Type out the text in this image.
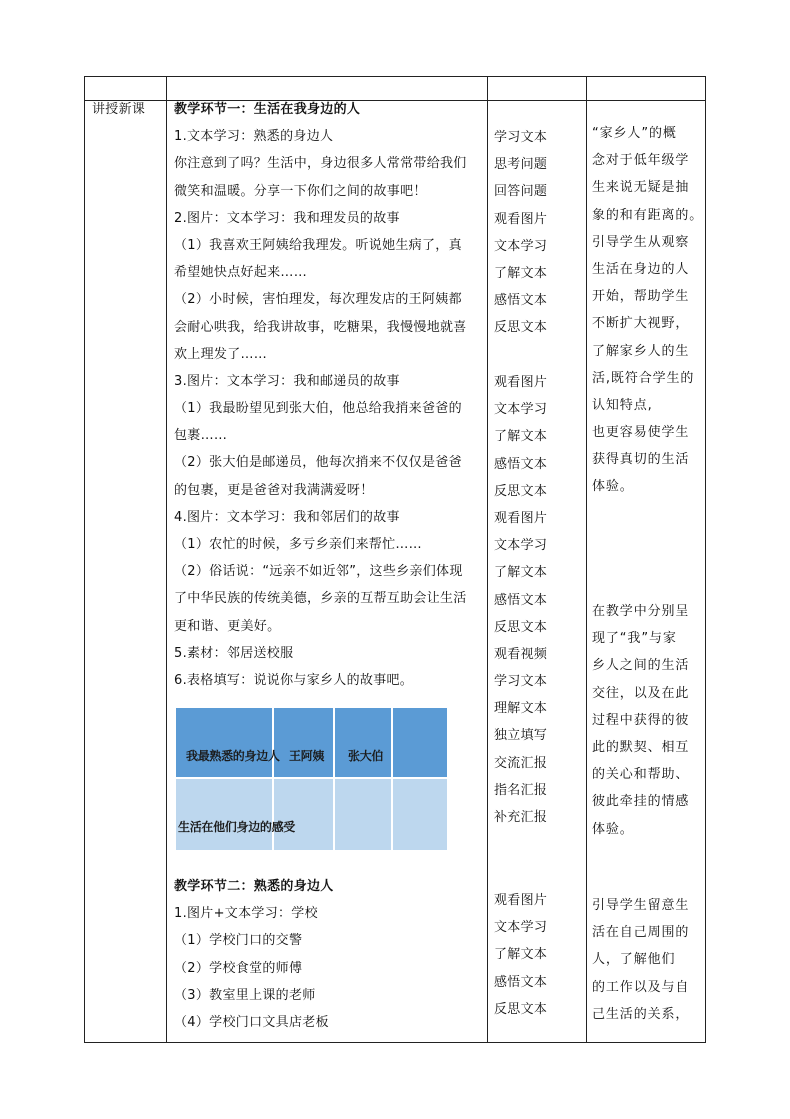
讲授新课 教学环节一：生活在我身边的人
1.文本学习：熟悉的身边人
你注意到了吗？生活中，身边很多人常常带给我们
微笑和温暖。分享一下你们之间的故事吧！
2.图片：文本学习：我和理发员的故事
（1）我喜欢王阿姨给我理发。听说她生病了，真
希望她快点好起来……
（2）小时候，害怕理发，每次理发店的王阿姨都
会耐心哄我，给我讲故事，吃糖果，我慢慢地就喜
欢上理发了……
3.图片：文本学习：我和邮递员的故事
（1）我最盼望见到张大伯，他总给我捎来爸爸的
包裹……
（2）张大伯是邮递员，他每次捎来不仅仅是爸爸
的包裹，更是爸爸对我满满爱呀！
4.图片：文本学习：我和邻居们的故事
（1）农忙的时候，多亏乡亲们来帮忙……
（2）俗话说：“远亲不如近邻”，这些乡亲们体现
了中华民族的传统美德，乡亲的互帮互助会让生活
更和谐、更美好。
5.素材：邻居送校服
6.表格填写：说说你与家乡人的故事吧。
我最熟悉的身边人 王阿姨 张大伯
生活在他们身边的感受
教学环节二：熟悉的身边人
1.图片+文本学习：学校
（1）学校门口的交警
（2）学校食堂的师傅
（3）教室里上课的老师
（4）学校门口文具店老板
学习文本
思考问题
回答问题
观看图片
文本学习
了解文本
感悟文本
反思文本
观看图片
文本学习
了解文本
感悟文本
反思文本
观看图片
文本学习
了解文本
感悟文本
反思文本
观看视频
学习文本
理解文本
独立填写
交流汇报
指名汇报
补充汇报
观看图片
文本学习
了解文本
感悟文本
反思文本
“家乡人”的概
念对于低年级学
生来说无疑是抽
象的和有距离的。
引导学生从观察
生活在身边的人
开始，帮助学生
不断扩大视野，
了解家乡人的生
活,既符合学生的
认知特点,
也更容易使学生
获得真切的生活
体验。
在教学中分别呈
现了“我”与家
乡人之间的生活
交往，以及在此
过程中获得的彼
此的默契、相互
的关心和帮助、
彼此牵挂的情感
体验。
引导学生留意生
活在自己周围的
人，了解他们
的工作以及与自
己生活的关系，
